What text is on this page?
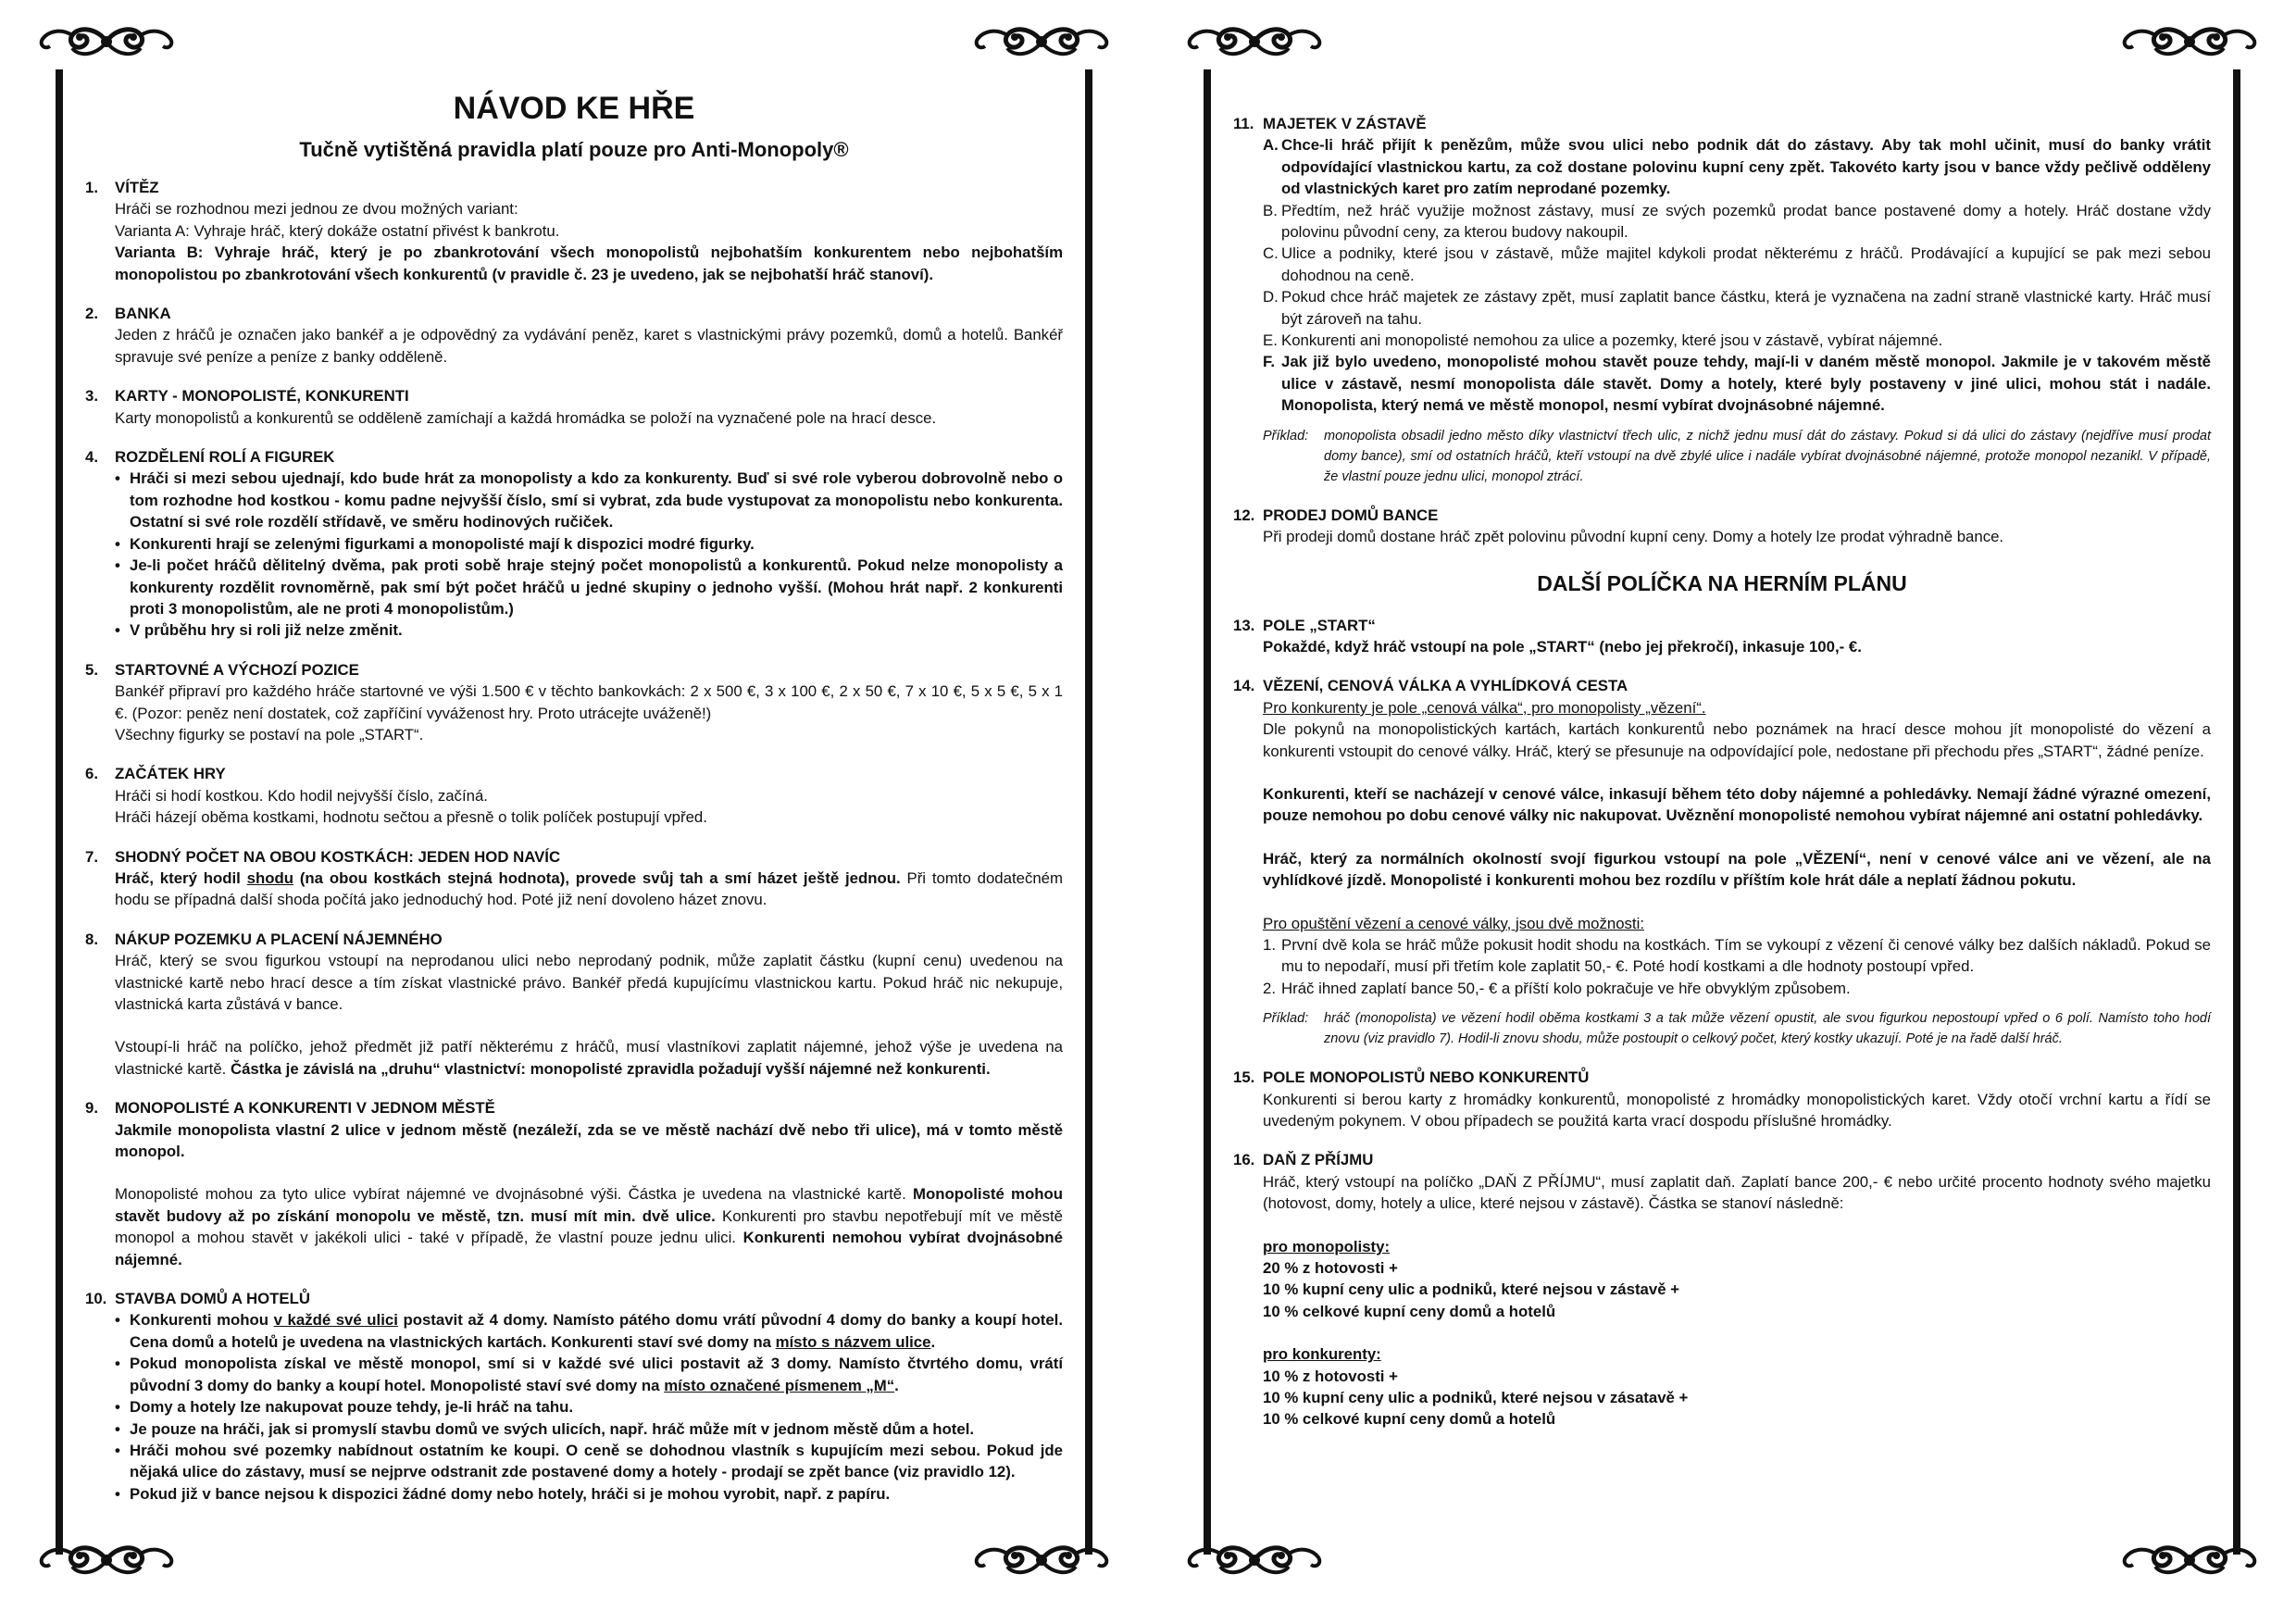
NÁVOD KE HŘE
Tučně vytištěná pravidla platí pouze pro Anti-Monopoly®
1.	VÍTĚZ

Hráči se rozhodnou mezi jednou ze dvou možných variant:

Varianta A: Vyhraje hráč, který dokáže ostatní přivést k bankrotu.

Varianta B: Vyhraje hráč, který je po zbankrotování všech monopolistů nejbohatším konkurentem nebo nejbohatším monopolistou po zbankrotování všech konkurentů (v pravidle č. 23 je uvedeno, jak se nejbohatší hráč stanoví).

2.	BANKA

Jeden z hráčů je označen jako bankéř a je odpovědný za vydávání peněz, karet s vlastnickými právy pozemků, domů a hotelů. Bankéř spravuje své peníze a peníze z banky odděleně.

3.	KARTY - MONOPOLISTÉ, KONKURENTI

Karty monopolistů a konkurentů se odděleně zamíchají a každá hromádka se položí na vyznačené pole na hrací desce.

4.	ROZDĚLENÍ ROLÍ A FIGUREK
• Hráči si mezi sebou ujednají, kdo bude hrát za monopolisty a kdo za konkurenty. Buď si své role vyberou dobrovolně nebo o tom rozhodne hod kostkou - komu padne nejvyšší číslo, smí si vybrat, zda bude vystupovat za monopolistu nebo konkurenta. Ostatní si své role rozdělí střídavě, ve směru hodinových ručiček.
• Konkurenti hrají se zelenými figurkami a monopolisté mají k dispozici modré figurky.
• Je-li počet hráčů dělitelný dvěma, pak proti sobě hraje stejný počet monopolistů a konkurentů. Pokud nelze monopolisty a konkurenty rozdělit rovnoměrně, pak smí být počet hráčů u jedné skupiny o jednoho vyšší. (Mohou hrát např. 2 konkurenti proti 3 monopolistům, ale ne proti 4 monopolistům.)
• V průběhu hry si roli již nelze změnit.
5.	STARTOVNÉ A VÝCHOZÍ POZICE

Bankéř připraví pro každého hráče startovné ve výši 1.500 € v těchto bankovkách: 2 x 500 €, 3 x 100 €, 2 x 50 €, 7 x 10 €, 5 x 5 €, 5 x 1 €. (Pozor: peněz není dostatek, což zapříčiní vyváženost hry. Proto utrácejte uváženě!)

Všechny figurky se postaví na pole „START“.

6.	ZAČÁTEK HRY

Hráči si hodí kostkou. Kdo hodil nejvyšší číslo, začíná.

Hráči házejí oběma kostkami, hodnotu sečtou a přesně o tolik políček postupují vpřed.

7.	SHODNÝ POČET NA OBOU KOSTKÁCH: JEDEN HOD NAVÍC

Hráč, který hodil shodu (na obou kostkách stejná hodnota), provede svůj tah a smí házet ještě jednou. Při tomto dodatečném hodu se případná další shoda počítá jako jednoduchý hod. Poté již není dovoleno házet znovu.

8.	NÁKUP POZEMKU A PLACENÍ NÁJEMNÉHO

Hráč, který se svou figurkou vstoupí na neprodanou ulici nebo neprodaný podnik, může zaplatit částku (kupní cenu) uvedenou na vlastnické kartě nebo hrací desce a tím získat vlastnické právo. Bankéř předá kupujícímu vlastnickou kartu. Pokud hráč nic nekupuje, vlastnická karta zůstává v bance.

Vstoupí-li hráč na políčko, jehož předmět již patří některému z hráčů, musí vlastníkovi zaplatit nájemné, jehož výše je uvedena na vlastnické kartě. Částka je závislá na „druhu“ vlastnictví: monopolisté zpravidla požadují vyšší nájemné než konkurenti.

9.	MONOPOLISTÉ A KONKURENTI V JEDNOM MĚSTĚ

Jakmile monopolista vlastní 2 ulice v jednom městě (nezáleží, zda se ve městě nachází dvě nebo tři ulice), má v tomto městě monopol.

Monopolisté mohou za tyto ulice vybírat nájemné ve dvojnásobné výši. Částka je uvedena na vlastnické kartě. Monopolisté mohou stavět budovy až po získání monopolu ve městě, tzn. musí mít min. dvě ulice. Konkurenti pro stavbu nepotřebují mít ve městě monopol a mohou stavět v jakékoli ulici - také v případě, že vlastní pouze jednu ulici. Konkurenti nemohou vybírat dvojnásobné nájemné.

10. STAVBA DOMŮ A HOTELŮ
• Konkurenti mohou v každé své ulici postavit až 4 domy. Namísto pátého domu vrátí původní 4 domy do banky a koupí hotel. Cena domů a hotelů je uvedena na vlastnických kartách. Konkurenti staví své domy na místo s názvem ulice.
• Pokud monopolista získal ve městě monopol, smí si v každé své ulici postavit až 3 domy. Namísto čtvrtého domu, vrátí původní 3 domy do banky a koupí hotel. Monopolisté staví své domy na místo označené písmenem „M“.
• Domy a hotely lze nakupovat pouze tehdy, je-li hráč na tahu.
• Je pouze na hráči, jak si promyslí stavbu domů ve svých ulicích, např. hráč může mít v jednom městě dům a hotel.
• Hráči mohou své pozemky nabídnout ostatním ke koupi. O ceně se dohodnou vlastník s kupujícím mezi sebou. Pokud jde nějaká ulice do zástavy, musí se nejprve odstranit zde postavené domy a hotely - prodají se zpět bance (viz pravidlo 12).
• Pokud již v bance nejsou k dispozici žádné domy nebo hotely, hráči si je mohou vyrobit, např. z papíru.
11. MAJETEK V ZÁSTAVĚ
A. Chce-li hráč přijít k penězům, může svou ulici nebo podnik dát do zástavy. Aby tak mohl učinit, musí do banky vrátit odpovídající vlastnickou kartu, za což dostane polovinu kupní ceny zpět. Takovéto karty jsou v bance vždy pečlivě odděleny od vlastnických karet pro zatím neprodané pozemky.
B. Předtím, než hráč využije možnost zástavy, musí ze svých pozemků prodat bance postavené domy a hotely. Hráč dostane vždy polovinu původní ceny, za kterou budovy nakoupil.
C. Ulice a podniky, které jsou v zástavě, může majitel kdykoli prodat některému z hráčů. Prodávající a kupující se pak mezi sebou dohodnou na ceně.
D. Pokud chce hráč majetek ze zástavy zpět, musí zaplatit bance částku, která je vyznačena na zadní straně vlastnické karty. Hráč musí být zároveň na tahu.
E. Konkurenti ani monopolisté nemohou za ulice a pozemky, které jsou v zástavě, vybírat nájemné.
F. Jak již bylo uvedeno, monopolisté mohou stavět pouze tehdy, mají-li v daném městě monopol. Jakmile je v takovém městě ulice v zástavě, nesmí monopolista dále stavět. Domy a hotely, které byly postaveny v jiné ulici, mohou stát i nadále. Monopolista, který nemá ve městě monopol, nesmí vybírat dvojnásobné nájemné.
Příklad:	monopolista obsadil jedno město díky vlastnictví třech ulic, z nichž jednu musí dát do zástavy. Pokud si dá ulici do zástavy (nejdříve musí prodat domy bance), smí od ostatních hráčů, kteří vstoupí na dvě zbylé ulice i nadále vybírat dvojnásobné nájemné, protože monopol nezanikl. V případě, že vlastní pouze jednu ulici, monopol ztrácí.
12. PRODEJ DOMŮ BANCE

Při prodeji domů dostane hráč zpět polovinu původní kupní ceny. Domy a hotely lze prodat výhradně bance.

DALŠÍ POLÍČKA NA HERNÍM PLÁNU
13. POLE „START“

Pokaždé, když hráč vstoupí na pole „START“ (nebo jej překročí), inkasuje 100,- €.

14. VĚZENÍ, CENOVÁ VÁLKA A VYHLÍDKOVÁ CESTA

Pro konkurenty je pole „cenová válka“, pro monopolisty „vězení“.

Dle pokynů na monopolistických kartách, kartách konkurentů nebo poznámek na hrací desce mohou jít monopolisté do vězení a konkurenti vstoupit do cenové války. Hráč, který se přesunuje na odpovídající pole, nedostane při přechodu přes „START“, žádné peníze.

Konkurenti, kteří se nacházejí v cenové válce, inkasují během této doby nájemné a pohledávky. Nemají žádné výrazné omezení, pouze nemohou po dobu cenové války nic nakupovat. Uvěznění monopolisté nemohou vybírat nájemné ani ostatní pohledávky.

Hráč, který za normálních okolností svojí figurkou vstoupí na pole „VĚZENÍ“, není v cenové válce ani ve vězení, ale na vyhlídkové jízdě. Monopolisté i konkurenti mohou bez rozdílu v příštím kole hrát dále a neplatí žádnou pokutu.

Pro opuštění vězení a cenové války, jsou dvě možnosti:

1. První dvě kola se hráč může pokusit hodit shodu na kostkách. Tím se vykoupí z vězení či cenové války bez dalších nákladů. Pokud se mu to nepodaří, musí při třetím kole zaplatit 50,- €. Poté hodí kostkami a dle hodnoty postoupí vpřed.
2. Hráč ihned zaplatí bance 50,- € a příští kolo pokračuje ve hře obvyklým způsobem.
Příklad:	hráč (monopolista) ve vězení hodil oběma kostkami 3 a tak může vězení opustit, ale svou figurkou nepostoupí vpřed o 6 polí. Namísto toho hodí znovu (viz pravidlo 7). Hodil-li znovu shodu, může postoupit o celkový počet, který kostky ukazují. Poté je na řadě další hráč.
15. POLE MONOPOLISTŮ NEBO KONKURENTŮ

Konkurenti si berou karty z hromádky konkurentů, monopolisté z hromádky monopolistických karet. Vždy otočí vrchní kartu a řídí se uvedeným pokynem. V obou případech se použitá karta vrací dospodu příslušné hromádky.

16. DAŇ Z PŘÍJMU

Hráč, který vstoupí na políčko „DAŇ Z PŘÍJMU“, musí zaplatit daň. Zaplatí bance 200,- € nebo určité procento hodnoty svého majetku (hotovost, domy, hotely a ulice, které nejsou v zástavě). Částka se stanoví následně:

pro monopolisty:

20 % z hotovosti +

10 % kupní ceny ulic a podniků, které nejsou v zástavě +

10 % celkové kupní ceny domů a hotelů

pro konkurenty:

10 % z hotovosti +

10 % kupní ceny ulic a podniků, které nejsou v zásatavě +

10 % celkové kupní ceny domů a hotelů
